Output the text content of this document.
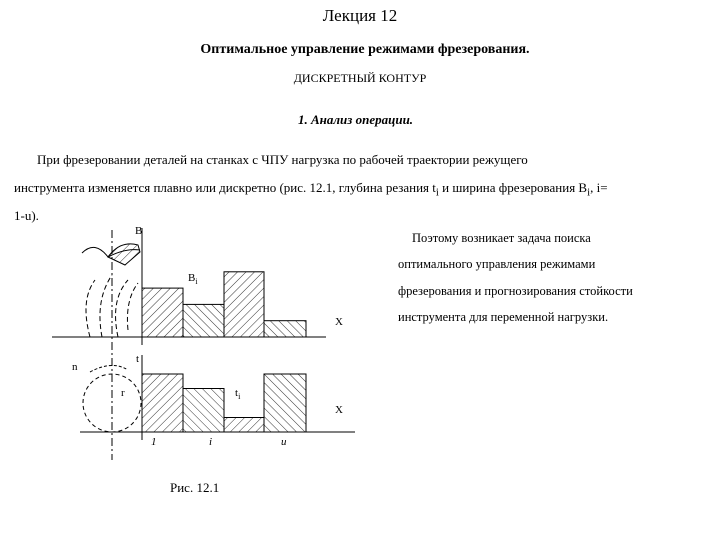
Лекция 12
Оптимальное управление режимами фрезерования.
ДИСКРЕТНЫЙ КОНТУР
1. Анализ операции.
При фрезеровании деталей на станках с ЧПУ нагрузка по рабочей траектории режущего
инструмента изменяется плавно или дискретно (рис. 12.1, глубина резания $t_i$ и ширина фрезерования $B_i$, i=
1-u).
Поэтому возникает задача поиска
оптимального управления режимами
фрезерования и прогнозирования стойкости
инструмента для переменной нагрузки.
B
$B_i$
X
t
n
r	$t_i$
X
1	i	u
Рис. 12.1
